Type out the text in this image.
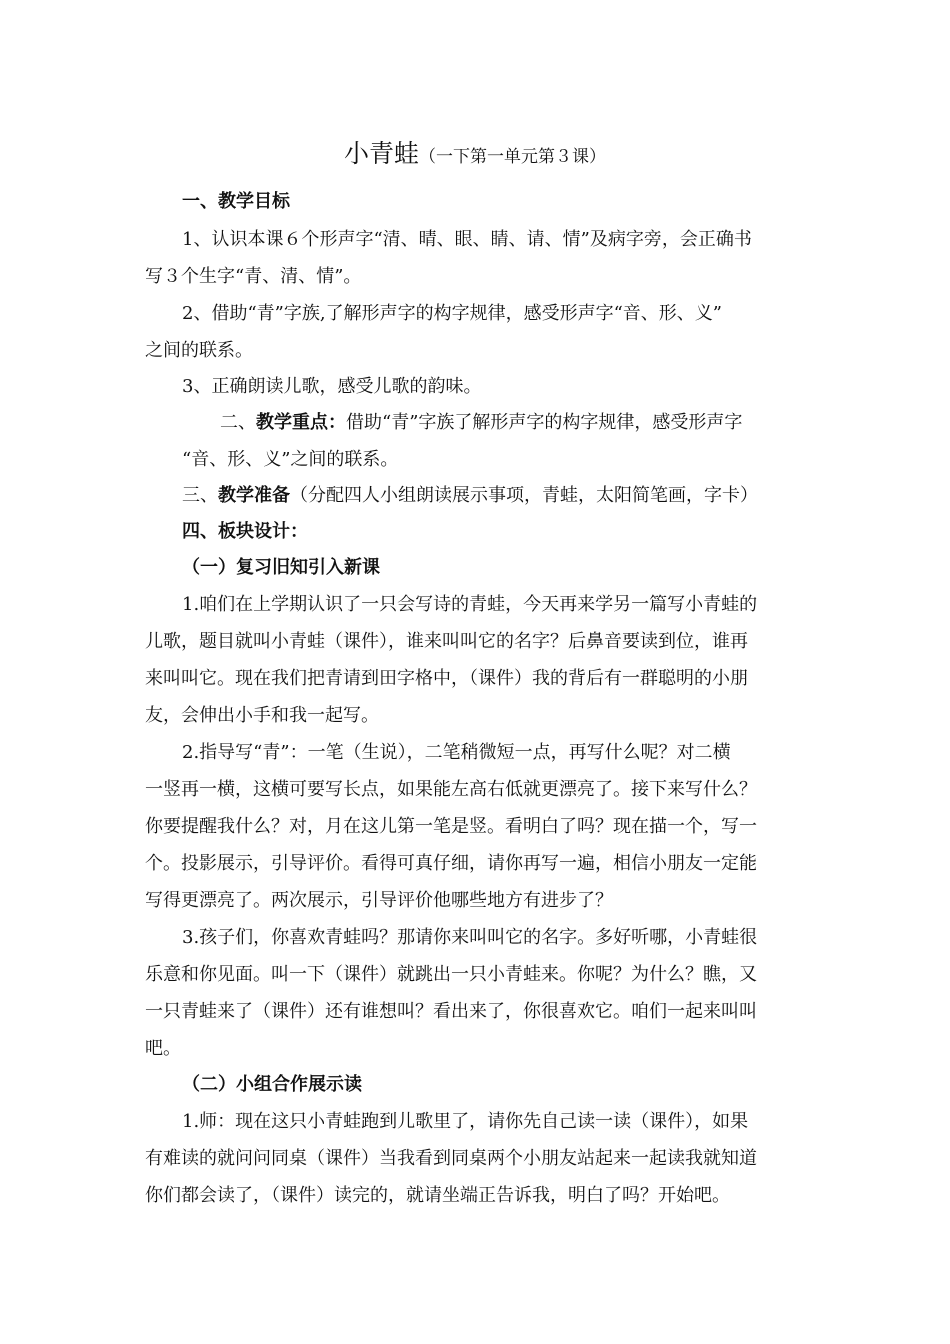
小青蛙（一下第一单元第３课）
一、教学目标
1、认识本课６个形声字“清、晴、眼、睛、请、情”及病字旁，会正确书
写３个生字“青、清、情”。
2、借助“青”字族,了解形声字的构字规律，感受形声字“音、形、义”
之间的联系。
3、正确朗读儿歌，感受儿歌的韵味。
二、教学重点：借助“青”字族了解形声字的构字规律，感受形声字
“音、形、义”之间的联系。
三、教学准备（分配四人小组朗读展示事项，青蛙，太阳简笔画，字卡）
四、板块设计：
（一）复习旧知引入新课
1.咱们在上学期认识了一只会写诗的青蛙，今天再来学另一篇写小青蛙的
儿歌，题目就叫小青蛙（课件），谁来叫叫它的名字？后鼻音要读到位，谁再
来叫叫它。现在我们把青请到田字格中，（课件）我的背后有一群聪明的小朋
友，会伸出小手和我一起写。
2.指导写“青”：一笔（生说），二笔稍微短一点，再写什么呢？对二横
一竖再一横，这横可要写长点，如果能左高右低就更漂亮了。接下来写什么？
你要提醒我什么？对，月在这儿第一笔是竖。看明白了吗？现在描一个，写一
个。投影展示，引导评价。看得可真仔细，请你再写一遍，相信小朋友一定能
写得更漂亮了。两次展示，引导评价他哪些地方有进步了？
3.孩子们，你喜欢青蛙吗？那请你来叫叫它的名字。多好听哪，小青蛙很
乐意和你见面。叫一下（课件）就跳出一只小青蛙来。你呢？为什么？瞧，又
一只青蛙来了（课件）还有谁想叫？看出来了，你很喜欢它。咱们一起来叫叫
吧。
（二）小组合作展示读
1.师：现在这只小青蛙跑到儿歌里了，请你先自己读一读（课件），如果
有难读的就问问同桌（课件）当我看到同桌两个小朋友站起来一起读我就知道
你们都会读了，（课件）读完的，就请坐端正告诉我，明白了吗？开始吧。
